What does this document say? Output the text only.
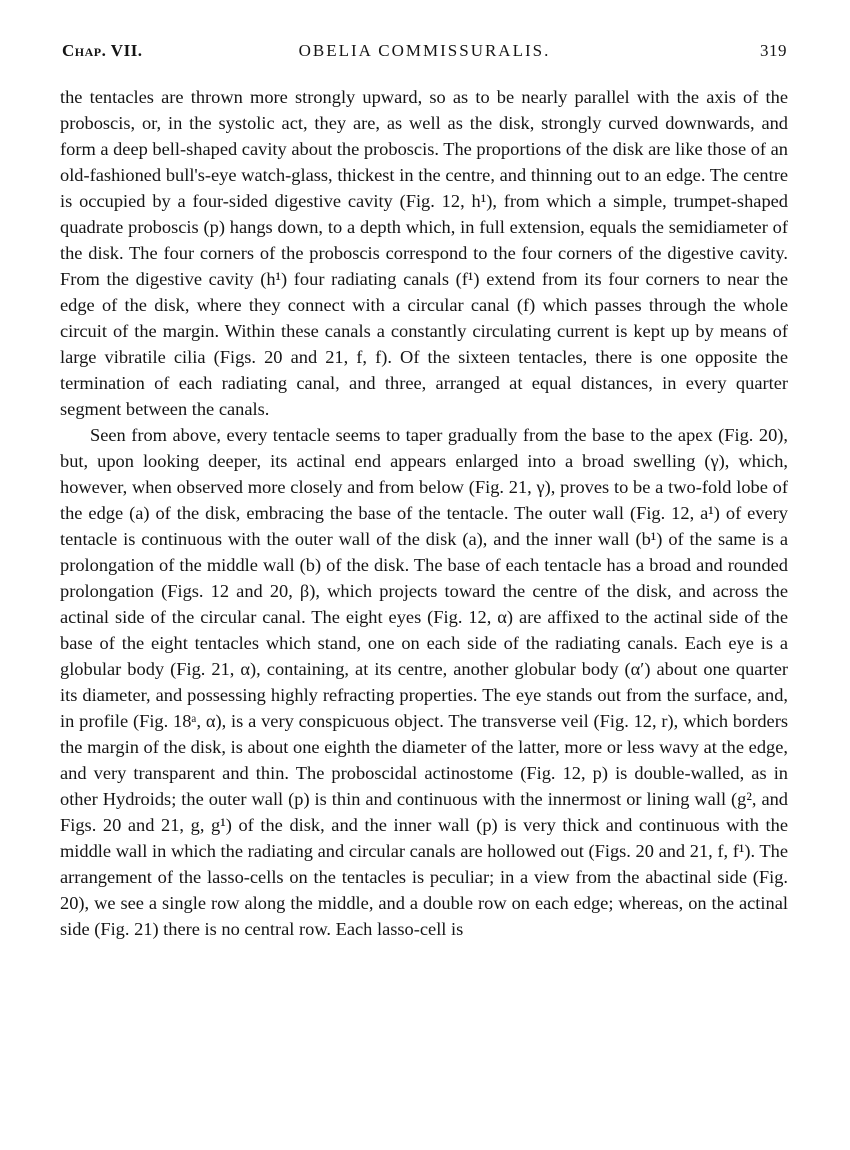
Chap. VII.	OBELIA COMMISSURALIS.	319

the tentacles are thrown more strongly upward, so as to be nearly parallel with the axis of the proboscis, or, in the systolic act, they are, as well as the disk, strongly curved downwards, and form a deep bell-shaped cavity about the proboscis. The proportions of the disk are like those of an old-fashioned bull's-eye watch-glass, thickest in the centre, and thinning out to an edge. The centre is occupied by a four-sided digestive cavity (Fig. 12, h¹), from which a simple, trumpet-shaped quadrate proboscis (p) hangs down, to a depth which, in full extension, equals the semidiameter of the disk. The four corners of the proboscis correspond to the four corners of the digestive cavity. From the digestive cavity (h¹) four radiating canals (f¹) extend from its four corners to near the edge of the disk, where they connect with a circular canal (f) which passes through the whole circuit of the margin. Within these canals a constantly circulating current is kept up by means of large vibratile cilia (Figs. 20 and 21, f, f). Of the sixteen tentacles, there is one opposite the termination of each radiating canal, and three, arranged at equal distances, in every quarter segment between the canals.

Seen from above, every tentacle seems to taper gradually from the base to the apex (Fig. 20), but, upon looking deeper, its actinal end appears enlarged into a broad swelling (γ), which, however, when observed more closely and from below (Fig. 21, γ), proves to be a two-fold lobe of the edge (a) of the disk, embracing the base of the tentacle. The outer wall (Fig. 12, a¹) of every tentacle is continuous with the outer wall of the disk (a), and the inner wall (b¹) of the same is a prolongation of the middle wall (b) of the disk. The base of each tentacle has a broad and rounded prolongation (Figs. 12 and 20, β), which projects toward the centre of the disk, and across the actinal side of the circular canal. The eight eyes (Fig. 12, α) are affixed to the actinal side of the base of the eight tentacles which stand, one on each side of the radiating canals. Each eye is a globular body (Fig. 21, α), containing, at its centre, another globular body (α′) about one quarter its diameter, and possessing highly refracting properties. The eye stands out from the surface, and, in profile (Fig. 18ᵃ, α), is a very conspicuous object. The transverse veil (Fig. 12, r), which borders the margin of the disk, is about one eighth the diameter of the latter, more or less wavy at the edge, and very transparent and thin. The proboscidal actinostome (Fig. 12, p) is double-walled, as in other Hydroids; the outer wall (p) is thin and continuous with the innermost or lining wall (g², and Figs. 20 and 21, g, g¹) of the disk, and the inner wall (p) is very thick and continuous with the middle wall in which the radiating and circular canals are hollowed out (Figs. 20 and 21, f, f¹). The arrangement of the lasso-cells on the tentacles is peculiar; in a view from the abactinal side (Fig. 20), we see a single row along the middle, and a double row on each edge; whereas, on the actinal side (Fig. 21) there is no central row. Each lasso-cell is
